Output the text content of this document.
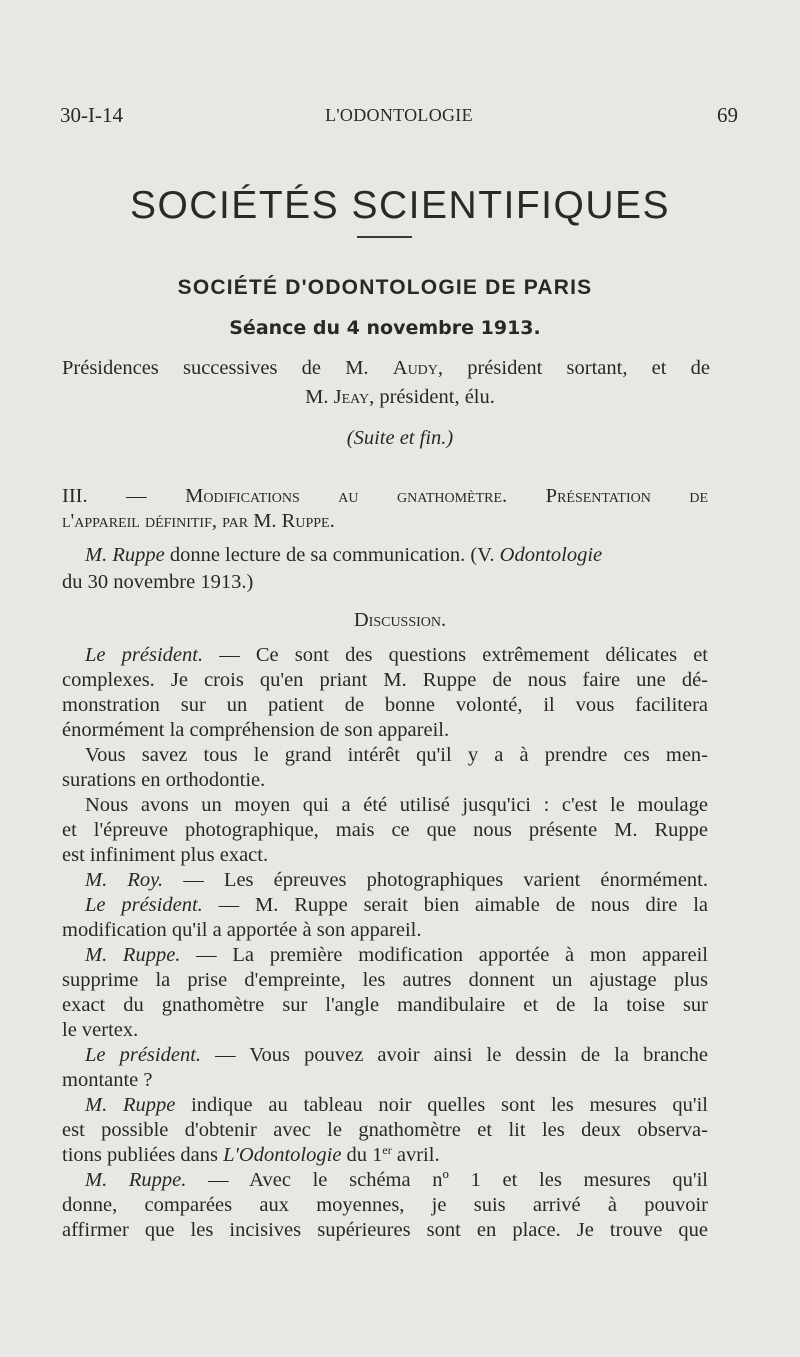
30-I-14	L'ODONTOLOGIE	69
SOCIÉTÉS SCIENTIFIQUES
SOCIÉTÉ D'ODONTOLOGIE DE PARIS
Séance du 4 novembre 1913.
Présidences successives de M. Audy, président sortant, et de
M. Jeay, président, élu.
(Suite et fin.)
III. — Modifications au gnathomètre. Présentation de
l'appareil définitif, par M. Ruppe.
M. Ruppe donne lecture de sa communication. (V. Odontologie
du 30 novembre 1913.)
Discussion.
Le président. — Ce sont des questions extrêmement délicates et
complexes. Je crois qu'en priant M. Ruppe de nous faire une dé-
monstration sur un patient de bonne volonté, il vous facilitera
énormément la compréhension de son appareil.
Vous savez tous le grand intérêt qu'il y a à prendre ces men-
surations en orthodontie.
Nous avons un moyen qui a été utilisé jusqu'ici : c'est le moulage
et l'épreuve photographique, mais ce que nous présente M. Ruppe
est infiniment plus exact.
M. Roy. — Les épreuves photographiques varient énormément.
Le président. — M. Ruppe serait bien aimable de nous dire la
modification qu'il a apportée à son appareil.
M. Ruppe. — La première modification apportée à mon appareil
supprime la prise d'empreinte, les autres donnent un ajustage plus
exact du gnathomètre sur l'angle mandibulaire et de la toise sur
le vertex.
Le président. — Vous pouvez avoir ainsi le dessin de la branche
montante ?
M. Ruppe indique au tableau noir quelles sont les mesures qu'il
est possible d'obtenir avec le gnathomètre et lit les deux observa-
tions publiées dans L'Odontologie du 1er avril.
M. Ruppe. — Avec le schéma nº 1 et les mesures qu'il
donne, comparées aux moyennes, je suis arrivé à pouvoir
affirmer que les incisives supérieures sont en place. Je trouve que
